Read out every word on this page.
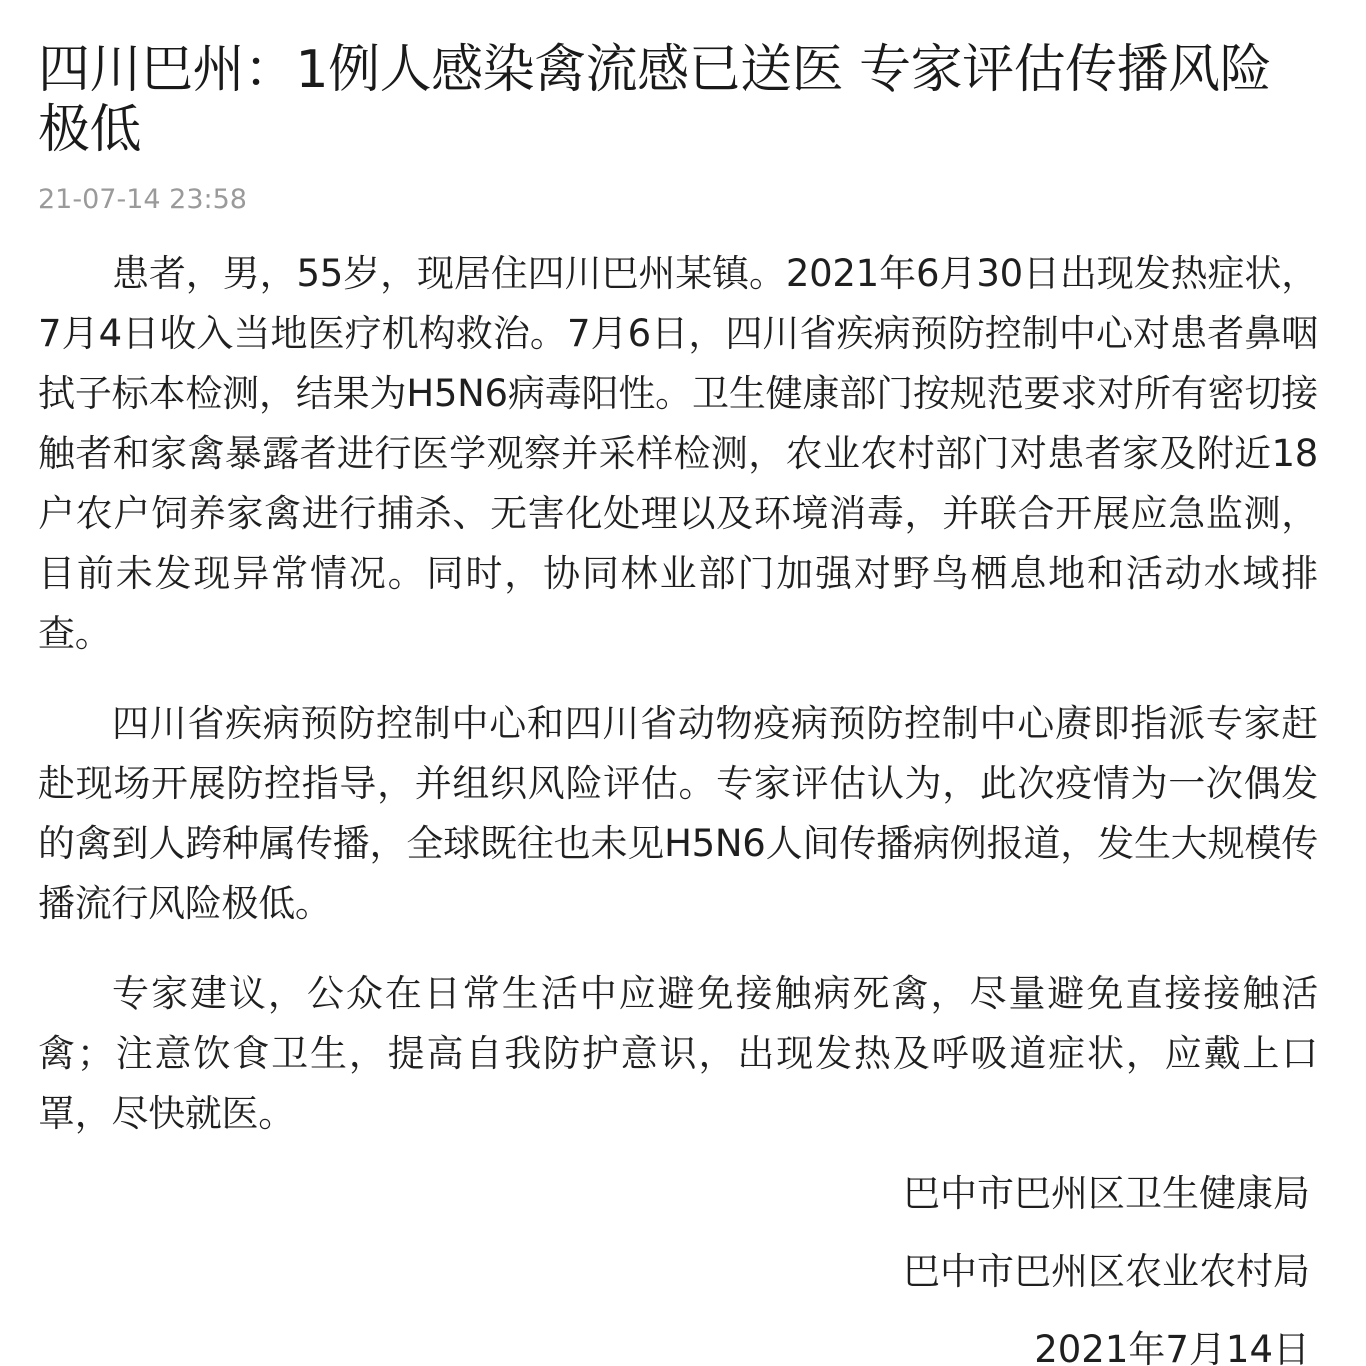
四川巴州：1例人感染禽流感已送医 专家评估传播风险极低
21-07-14 23:58

患者，男，55岁，现居住四川巴州某镇。2021年6月30日出现发热症状，7月4日收入当地医疗机构救治。7月6日，四川省疾病预防控制中心对患者鼻咽拭子标本检测，结果为H5N6病毒阳性。卫生健康部门按规范要求对所有密切接触者和家禽暴露者进行医学观察并采样检测，农业农村部门对患者家及附近18户农户饲养家禽进行捕杀、无害化处理以及环境消毒，并联合开展应急监测，目前未发现异常情况。同时，协同林业部门加强对野鸟栖息地和活动水域排查。

四川省疾病预防控制中心和四川省动物疫病预防控制中心赓即指派专家赶赴现场开展防控指导，并组织风险评估。专家评估认为，此次疫情为一次偶发的禽到人跨种属传播，全球既往也未见H5N6人间传播病例报道，发生大规模传播流行风险极低。

专家建议，公众在日常生活中应避免接触病死禽，尽量避免直接接触活禽；注意饮食卫生，提高自我防护意识，出现发热及呼吸道症状，应戴上口罩，尽快就医。

巴中市巴州区卫生健康局
巴中市巴州区农业农村局
2021年7月14日
